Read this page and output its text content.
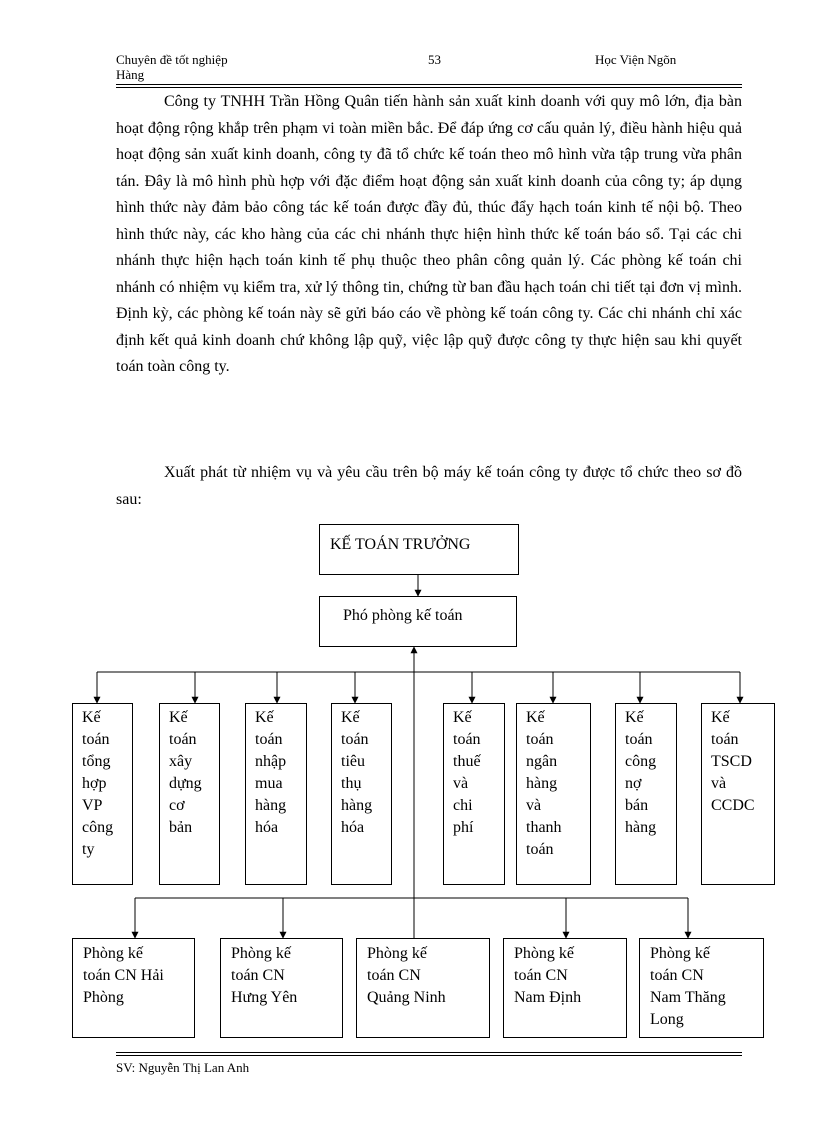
Chuyên đề tốt nghiệp
Hàng
53	Học Viện Ngõn

Công ty TNHH Trần Hồng Quân tiến hành sản xuất kinh doanh với quy mô lớn, địa bàn hoạt động rộng khắp trên phạm vi toàn miền bắc. Để đáp ứng cơ cấu quản lý, điều hành hiệu quả hoạt động sản xuất kinh doanh, công ty đã tổ chức kế toán theo mô hình vừa tập trung vừa phân tán. Đây là mô hình phù hợp với đặc điểm hoạt động sản xuất kinh doanh của công ty; áp dụng hình thức này đảm bảo công tác kế toán được đầy đủ, thúc đẩy hạch toán kinh tế nội bộ. Theo hình thức này, các kho hàng của các chi nhánh thực hiện hình thức kế toán báo sổ. Tại các chi nhánh thực hiện hạch toán kinh tế phụ thuộc theo phân công quản lý. Các phòng kế toán chi nhánh có nhiệm vụ kiểm tra, xử lý thông tin, chứng từ ban đầu hạch toán chi tiết tại đơn vị mình. Định kỳ, các phòng kế toán này sẽ gửi báo cáo về phòng kế toán công ty. Các chi nhánh chỉ xác định kết quả kinh doanh chứ không lập quỹ, việc lập quỹ được công ty thực hiện sau khi quyết toán toàn công ty.

Xuất phát từ nhiệm vụ và yêu cầu trên bộ máy kế toán công ty được tổ chức theo sơ đồ sau:

KẾ TOÁN TRƯỞNG
Phó phòng kế toán
Kế
toán
tổng
hợp
VP
công
ty
Kế
toán
xây
dựng
cơ
bản
Kế
toán
nhập
mua
hàng
hóa
Kế
toán
tiêu
thụ
hàng
hóa
Kế
toán
thuế
và
chi
phí
Kế
toán
ngân
hàng
và
thanh
toán
Kế
toán
công
nợ
bán
hàng
Kế
toán
TSCD
và
CCDC
Phòng kế
toán CN Hải
Phòng
Phòng kế
toán CN
Hưng Yên
Phòng kế
toán CN
Quảng Ninh
Phòng kế
toán CN
Nam Định
Phòng kế
toán CN
Nam Thăng
Long
SV: Nguyễn Thị Lan Anh
